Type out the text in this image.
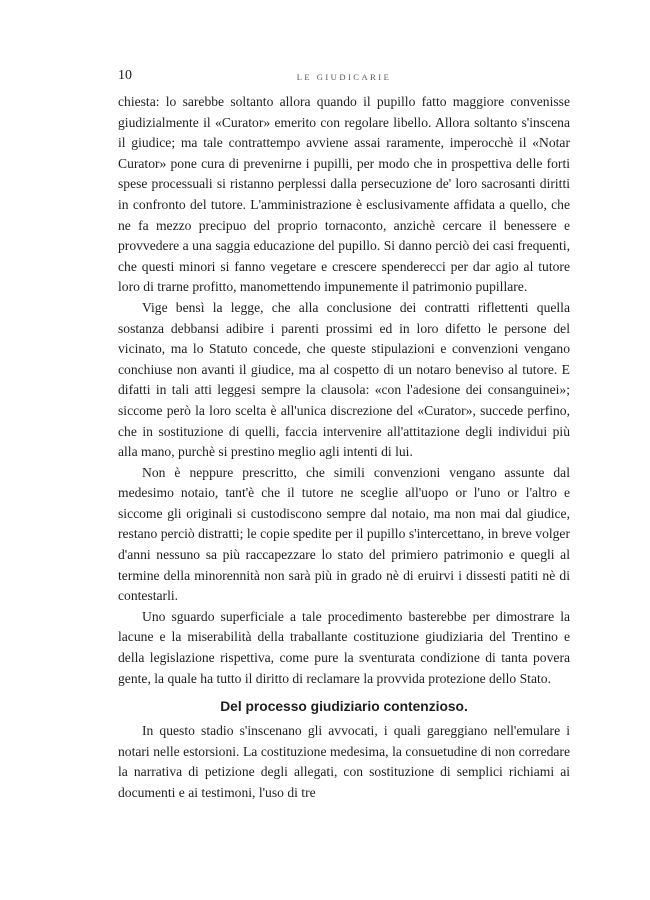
10	LE GIUDICARIE

chiesta: lo sarebbe soltanto allora quando il pupillo fatto maggiore convenisse giudizialmente il «Curator» emerito con regolare libello. Allora soltanto s'inscena il giudice; ma tale contrattempo avviene assai raramente, imperocchè il «Notar Curator» pone cura di prevenirne i pupilli, per modo che in prospettiva delle forti spese processuali si ristanno perplessi dalla persecuzione de' loro sacrosanti diritti in confronto del tutore. L'amministrazione è esclusivamente affidata a quello, che ne fa mezzo precipuo del proprio tornaconto, anzichè cercare il benessere e provvedere a una saggia educazione del pupillo. Si danno perciò dei casi frequenti, che questi minori si fanno vegetare e crescere spenderecci per dar agio al tutore loro di trarne profitto, manomettendo impunemente il patrimonio pupillare.

Vige bensì la legge, che alla conclusione dei contratti riflettenti quella sostanza debbansi adibire i parenti prossimi ed in loro difetto le persone del vicinato, ma lo Statuto concede, che queste stipulazioni e convenzioni vengano conchiuse non avanti il giudice, ma al cospetto di un notaro beneviso al tutore. E difatti in tali atti leggesi sempre la clausola: «con l'adesione dei consanguinei»; siccome però la loro scelta è all'unica discrezione del «Curator», succede perfino, che in sostituzione di quelli, faccia intervenire all'attitazione degli individui più alla mano, purchè si prestino meglio agli intenti di lui.

Non è neppure prescritto, che simili convenzioni vengano assunte dal medesimo notaio, tant'è che il tutore ne sceglie all'uopo or l'uno or l'altro e siccome gli originali si custodiscono sempre dal notaio, ma non mai dal giudice, restano perciò distratti; le copie spedite per il pupillo s'intercettano, in breve volger d'anni nessuno sa più raccapezzare lo stato del primiero patrimonio e quegli al termine della minorennità non sarà più in grado nè di eruirvi i dissesti patiti nè di contestarli.

Uno sguardo superficiale a tale procedimento basterebbe per dimostrare la lacune e la miserabilità della traballante costituzione giudiziaria del Trentino e della legislazione rispettiva, come pure la sventurata condizione di tanta povera gente, la quale ha tutto il diritto di reclamare la provvida protezione dello Stato.

Del processo giudiziario contenzioso.

In questo stadio s'inscenano gli avvocati, i quali gareggiano nell'emulare i notari nelle estorsioni. La costituzione medesima, la consuetudine di non corredare la narrativa di petizione degli allegati, con sostituzione di semplici richiami ai documenti e ai testimoni, l'uso di tre
